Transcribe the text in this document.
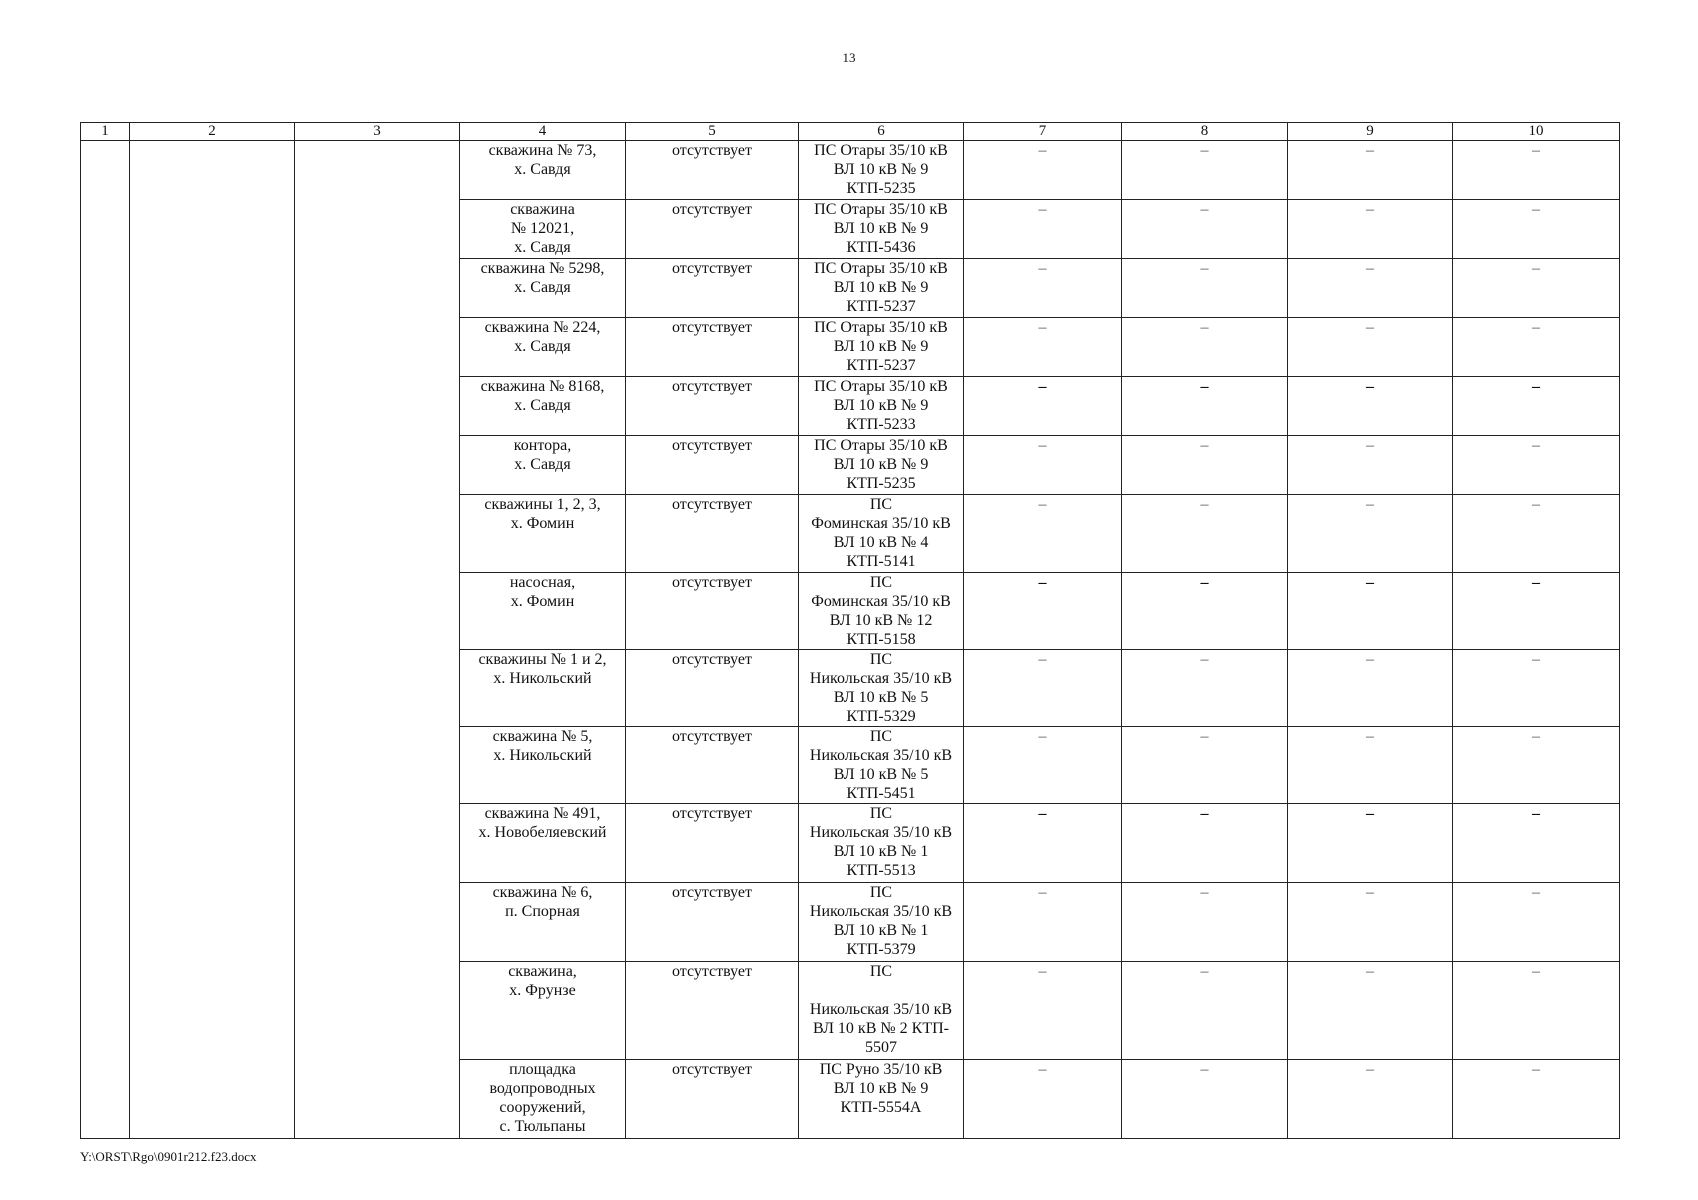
13
1	2	3	4	5	6	7	8	9	10

			скважина № 73,
х. Савдя	отсутствует	ПС Отары 35/10 кВ
ВЛ 10 кВ № 9
КТП-5235	–	–	–	–

			скважина
№ 12021,
х. Савдя	отсутствует	ПС Отары 35/10 кВ
ВЛ 10 кВ № 9
КТП-5436	–	–	–	–

			скважина № 5298,
х. Савдя	отсутствует	ПС Отары 35/10 кВ
ВЛ 10 кВ № 9
КТП-5237	–	–	–	–

			скважина № 224,
х. Савдя	отсутствует	ПС Отары 35/10 кВ
ВЛ 10 кВ № 9
КТП-5237	–	–	–	–

			скважина № 8168,
х. Савдя	отсутствует	ПС Отары 35/10 кВ
ВЛ 10 кВ № 9
КТП-5233	–	–	–	–

			контора,
х. Савдя	отсутствует	ПС Отары 35/10 кВ
ВЛ 10 кВ № 9
КТП-5235	–	–	–	–

			скважины 1, 2, 3,
х. Фомин	отсутствует	ПС
Фоминская 35/10 кВ
ВЛ 10 кВ № 4
КТП-5141	–	–	–	–

			насосная,
х. Фомин	отсутствует	ПС
Фоминская 35/10 кВ
ВЛ 10 кВ № 12
КТП-5158	–	–	–	–

			скважины № 1 и 2,
х. Никольский	отсутствует	ПС
Никольская 35/10 кВ
ВЛ 10 кВ № 5
КТП-5329	–	–	–	–

			скважина № 5,
х. Никольский	отсутствует	ПС
Никольская 35/10 кВ
ВЛ 10 кВ № 5
КТП-5451	–	–	–	–

			скважина № 491,
х. Новобеляевский	отсутствует	ПС
Никольская 35/10 кВ
ВЛ 10 кВ № 1
КТП-5513	–	–	–	–

			скважина № 6,
п. Спорная	отсутствует	ПС
Никольская 35/10 кВ
ВЛ 10 кВ № 1
КТП-5379	–	–	–	–

			скважина,
х. Фрунзе	отсутствует	ПС
Никольская 35/10 кВ
ВЛ 10 кВ № 2 КТП-
5507	–	–	–	–

			площадка
водопроводных
сооружений,
с. Тюльпаны	отсутствует	ПС Руно 35/10 кВ
ВЛ 10 кВ № 9
КТП-5554А	–	–	–	–
Y:\ORST\Rgo\0901r212.f23.docx
